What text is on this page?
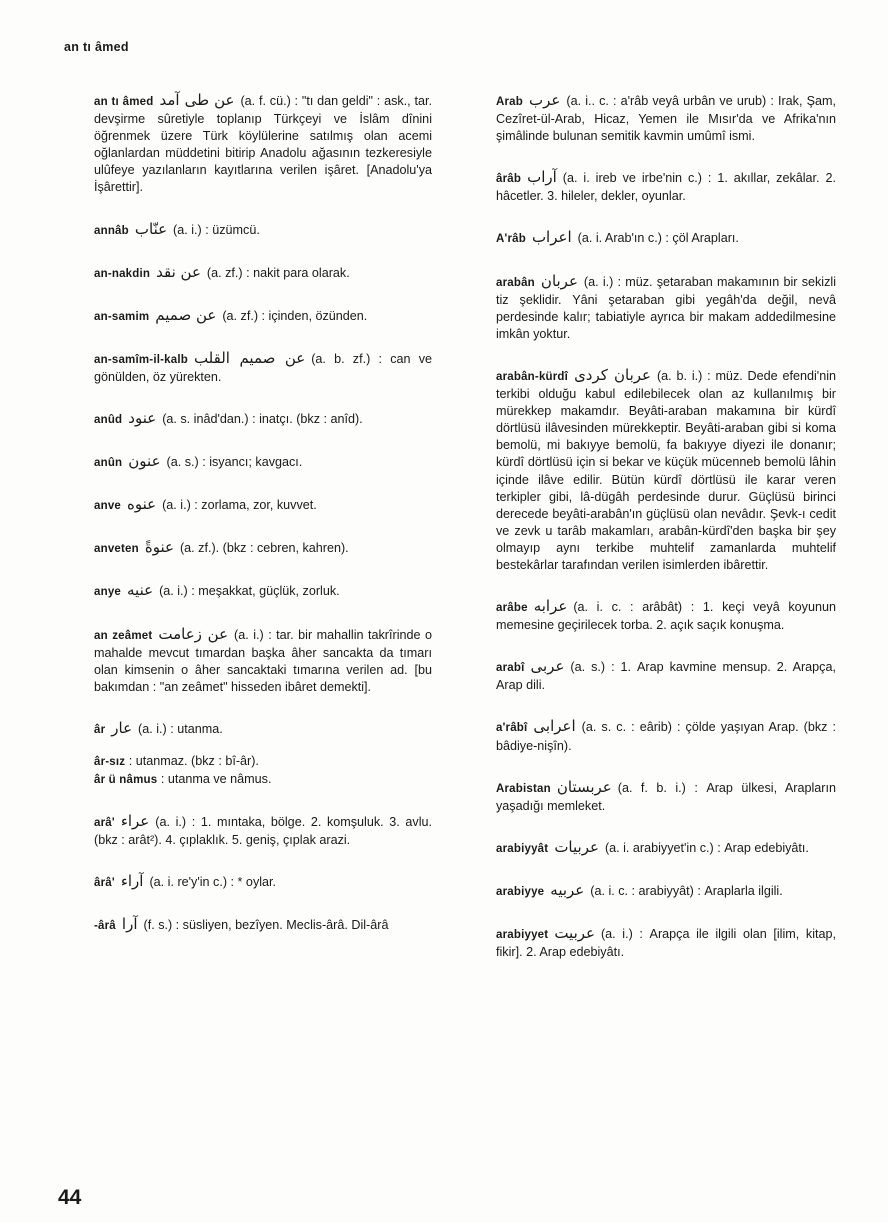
an tı âmed
an tı âmed عن طى آمد (a. f. cü.) : "tı dan geldi" : ask., tar. devşirme sûretiyle toplanıp Türkçeyi ve İslâm dînini öğrenmek üzere Türk köylülerine satılmış olan acemi oğlanlardan müddetini bitirip Anadolu ağasının tezkeresiyle ulûfeye yazılanların kayıtlarına verilen işâret. [Anadolu'ya İşârettir].
annâb عنّاب (a. i.) : üzümcü.
an-nakdin عن نقد (a. zf.) : nakit para olarak.
an-samim عن صميم (a. zf.) : içinden, özünden.
an-samîm-il-kalb عن صميم القلب (a. b. zf.) : can ve gönülden, öz yürekten.
anûd عنود (a. s. inâd'dan.) : inatçı. (bkz : anîd).
anûn عنون (a. s.) : isyancı; kavgacı.
anve عنوه (a. i.) : zorlama, zor, kuvvet.
anveten عنوةً (a. zf.). (bkz : cebren, kahren).
anye عنيه (a. i.) : meşakkat, güçlük, zorluk.
an zeâmet عن زعامت (a. i.) : tar. bir mahallin takrîrinde o mahalde mevcut tımardan başka âher sancakta da tımarı olan kimsenin o âher sancaktaki tımarına verilen ad. [bu bakımdan : "an zeâmet" hisseden ibâret demekti].
âr عار (a. i.) : utanma.
âr-sız : utanmaz. (bkz : bî-âr).
âr ü nâmus : utanma ve nâmus.
arâ' عراء (a. i.) : 1. mıntaka, bölge. 2. komşuluk. 3. avlu. (bkz : arât²). 4. çıplaklık. 5. geniş, çıplak arazi.
ârâ' آراء (a. i. re'y'in c.) : * oylar.
-ârâ آرا (f. s.) : süsliyen, bezîyen. Meclis-ârâ. Dil-ârâ
Arab عرب (a. i.. c. : a'râb veyâ urbân ve urub) : Irak, Şam, Cezîret-ül-Arab, Hicaz, Yemen ile Mısır'da ve Afrika'nın şimâlinde bulunan semitik kavmin umûmî ismi.
ârâb آراب (a. i. ireb ve irbe'nin c.) : 1. akıllar, zekâlar. 2. hâcetler. 3. hileler, dekler, oyunlar.
A'râb اعراب (a. i. Arab'ın c.) : çöl Arapları.
arabân عربان (a. i.) : müz. şetaraban makamının bir sekizli tiz şeklidir. Yâni şetaraban gibi yegâh'da değil, nevâ perdesinde kalır; tabiatiyle ayrıca bir makam addedilmesine imkân yoktur.
arabân-kürdî عربان كردى (a. b. i.) : müz. Dede efendi'nin terkibi olduğu kabul edilebilecek olan az kullanılmış bir mürekkep makamdır. Beyâti-araban makamına bir kürdî dörtlüsü ilâvesinden mürekkeptir. Beyâti-araban gibi si koma bemolü, mi bakıyye bemolü, fa bakıyye diyezi ile donanır; kürdî dörtlüsü için si bekar ve küçük mücenneb bemolü lâhin içinde ilâve edilir. Bütün kürdî dörtlüsü ile karar veren terkipler gibi, lâ-dügâh perdesinde durur. Güçlüsü birinci derecede beyâti-arabân'ın güçlüsü olan nevâdır. Şevk-ı cedit ve zevk u tarâb makamları, arabân-kürdî'den başka bir şey olmayıp aynı terkibe muhtelif zamanlarda muhtelif bestekârlar tarafından verilen isimlerden ibârettir.
arâbe عرابه (a. i. c. : arâbât) : 1. keçi veyâ koyunun memesine geçirilecek torba. 2. açık saçık konuşma.
arabî عربى (a. s.) : 1. Arap kavmine mensup. 2. Arapça, Arap dili.
a'râbî اعرابى (a. s. c. : eârib) : çölde yaşıyan Arap. (bkz : bâdiye-nişîn).
Arabistan عربستان (a. f. b. i.) : Arap ülkesi, Arapların yaşadığı memleket.
arabiyyât عربيات (a. i. arabiyyet'in c.) : Arap edebiyâtı.
arabiyye عربيه (a. i. c. : arabiyyât) : Araplarla ilgili.
arabiyyet عربيت (a. i.) : Arapça ile ilgili olan [ilim, kitap, fikir]. 2. Arap edebiyâtı.
44
